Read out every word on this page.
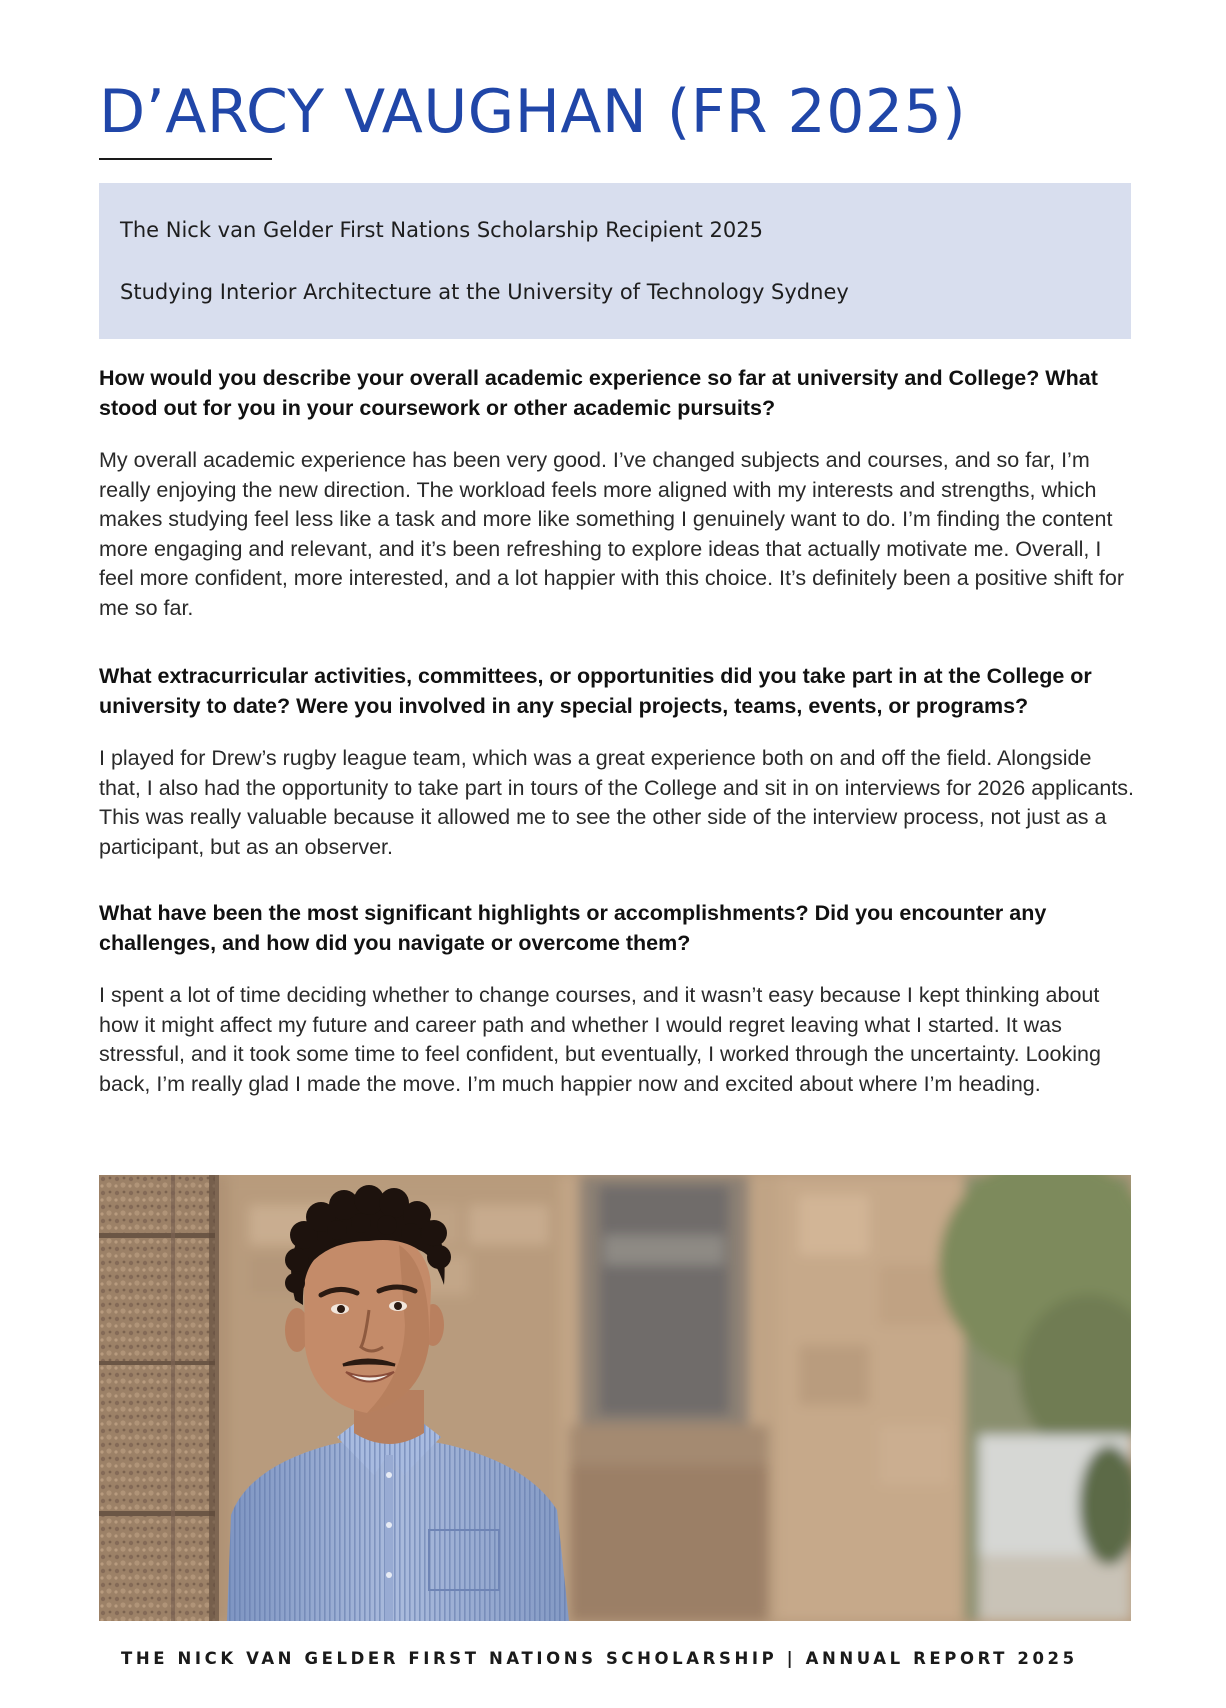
D’ARCY VAUGHAN (FR 2025)

The Nick van Gelder First Nations Scholarship Recipient 2025

Studying Interior Architecture at the University of Technology Sydney

How would you describe your overall academic experience so far at university and College? What stood out for you in your coursework or other academic pursuits?

My overall academic experience has been very good. I’ve changed subjects and courses, and so far, I’m really enjoying the new direction. The workload feels more aligned with my interests and strengths, which makes studying feel less like a task and more like something I genuinely want to do. I’m finding the content more engaging and relevant, and it’s been refreshing to explore ideas that actually motivate me. Overall, I feel more confident, more interested, and a lot happier with this choice. It’s definitely been a positive shift for me so far.

What extracurricular activities, committees, or opportunities did you take part in at the College or university to date? Were you involved in any special projects, teams, events, or programs?

I played for Drew’s rugby league team, which was a great experience both on and off the field. Alongside that, I also had the opportunity to take part in tours of the College and sit in on interviews for 2026 applicants. This was really valuable because it allowed me to see the other side of the interview process, not just as a participant, but as an observer.

What have been the most significant highlights or accomplishments? Did you encounter any challenges, and how did you navigate or overcome them?

I spent a lot of time deciding whether to change courses, and it wasn’t easy because I kept thinking about how it might affect my future and career path and whether I would regret leaving what I started. It was stressful, and it took some time to feel confident, but eventually, I worked through the uncertainty. Looking back, I’m really glad I made the move. I’m much happier now and excited about where I’m heading.

THE NICK VAN GELDER FIRST NATIONS SCHOLARSHIP | ANNUAL REPORT 2025
